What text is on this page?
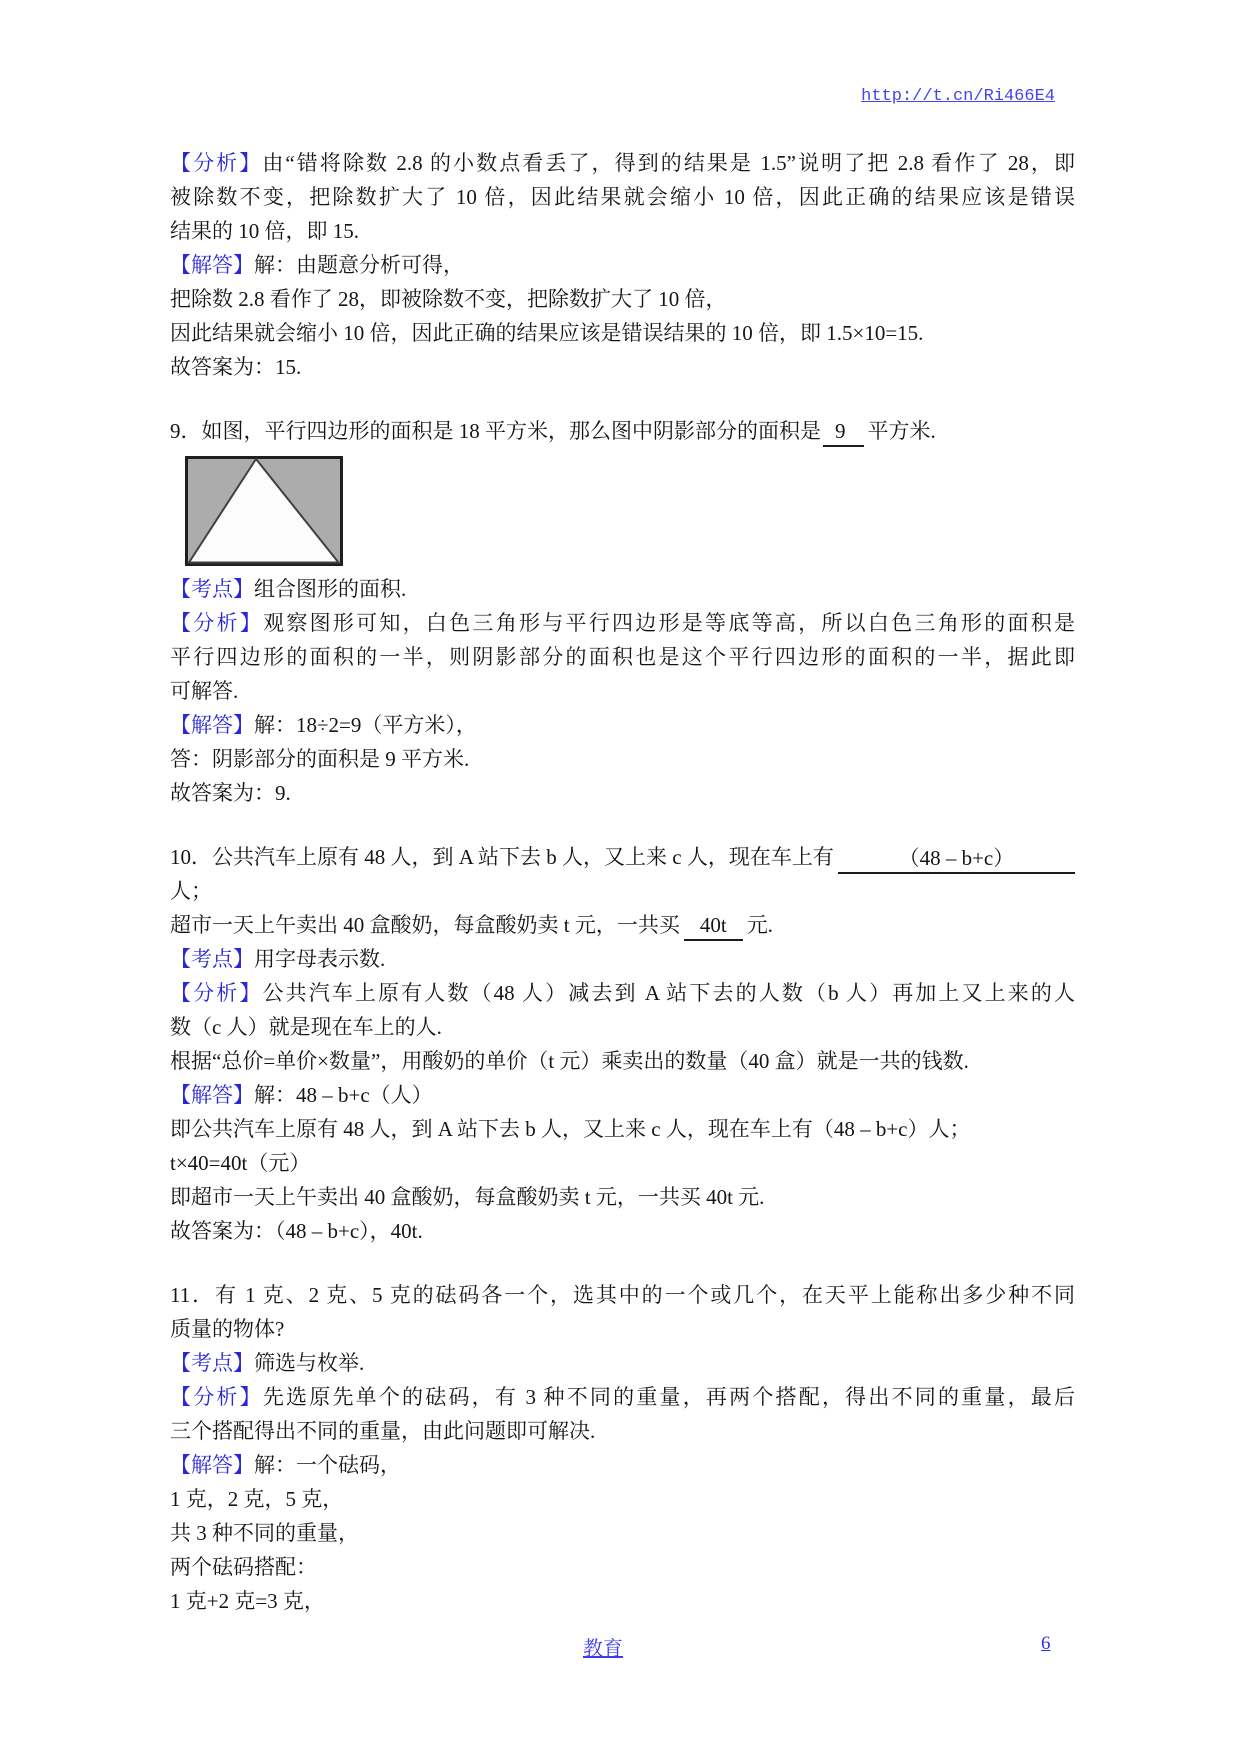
http://t.cn/Ri466E4
【分析】由“错将除数 2.8 的小数点看丢了，得到的结果是 1.5”说明了把 2.8 看作了 28，即
被除数不变，把除数扩大了 10 倍，因此结果就会缩小 10 倍，因此正确的结果应该是错误
结果的 10 倍，即 15.
【解答】解：由题意分析可得，
把除数 2.8 看作了 28，即被除数不变，把除数扩大了 10 倍，
因此结果就会缩小 10 倍，因此正确的结果应该是错误结果的 10 倍，即 1.5×10=15.
故答案为：15.
9．如图，平行四边形的面积是 18 平方米，那么图中阴影部分的面积是 9 平方米.
【考点】组合图形的面积.
【分析】观察图形可知，白色三角形与平行四边形是等底等高，所以白色三角形的面积是
平行四边形的面积的一半，则阴影部分的面积也是这个平行四边形的面积的一半，据此即
可解答.
【解答】解：18÷2=9（平方米），
答：阴影部分的面积是 9 平方米.
故答案为：9.
10．公共汽车上原有 48 人，到 A 站下去 b 人，又上来 c 人，现在车上有	（48 – b+c）
人；
超市一天上午卖出 40 盒酸奶，每盒酸奶卖 t 元，一共买 40t 元.
【考点】用字母表示数.
【分析】公共汽车上原有人数（48 人）减去到 A 站下去的人数（b 人）再加上又上来的人
数（c 人）就是现在车上的人.
根据“总价=单价×数量”，用酸奶的单价（t 元）乘卖出的数量（40 盒）就是一共的钱数.
【解答】解：48 – b+c（人）
即公共汽车上原有 48 人，到 A 站下去 b 人，又上来 c 人，现在车上有（48 – b+c）人；
t×40=40t（元）
即超市一天上午卖出 40 盒酸奶，每盒酸奶卖 t 元，一共买 40t 元.
故答案为：（48 – b+c），40t.
11．有 1 克、2 克、5 克的砝码各一个，选其中的一个或几个，在天平上能称出多少种不同
质量的物体?
【考点】筛选与枚举.
【分析】先选原先单个的砝码，有 3 种不同的重量，再两个搭配，得出不同的重量，最后
三个搭配得出不同的重量，由此问题即可解决.
【解答】解：一个砝码，
1 克，2 克，5 克，
共 3 种不同的重量，
两个砝码搭配：
1 克+2 克=3 克，
教育	6
